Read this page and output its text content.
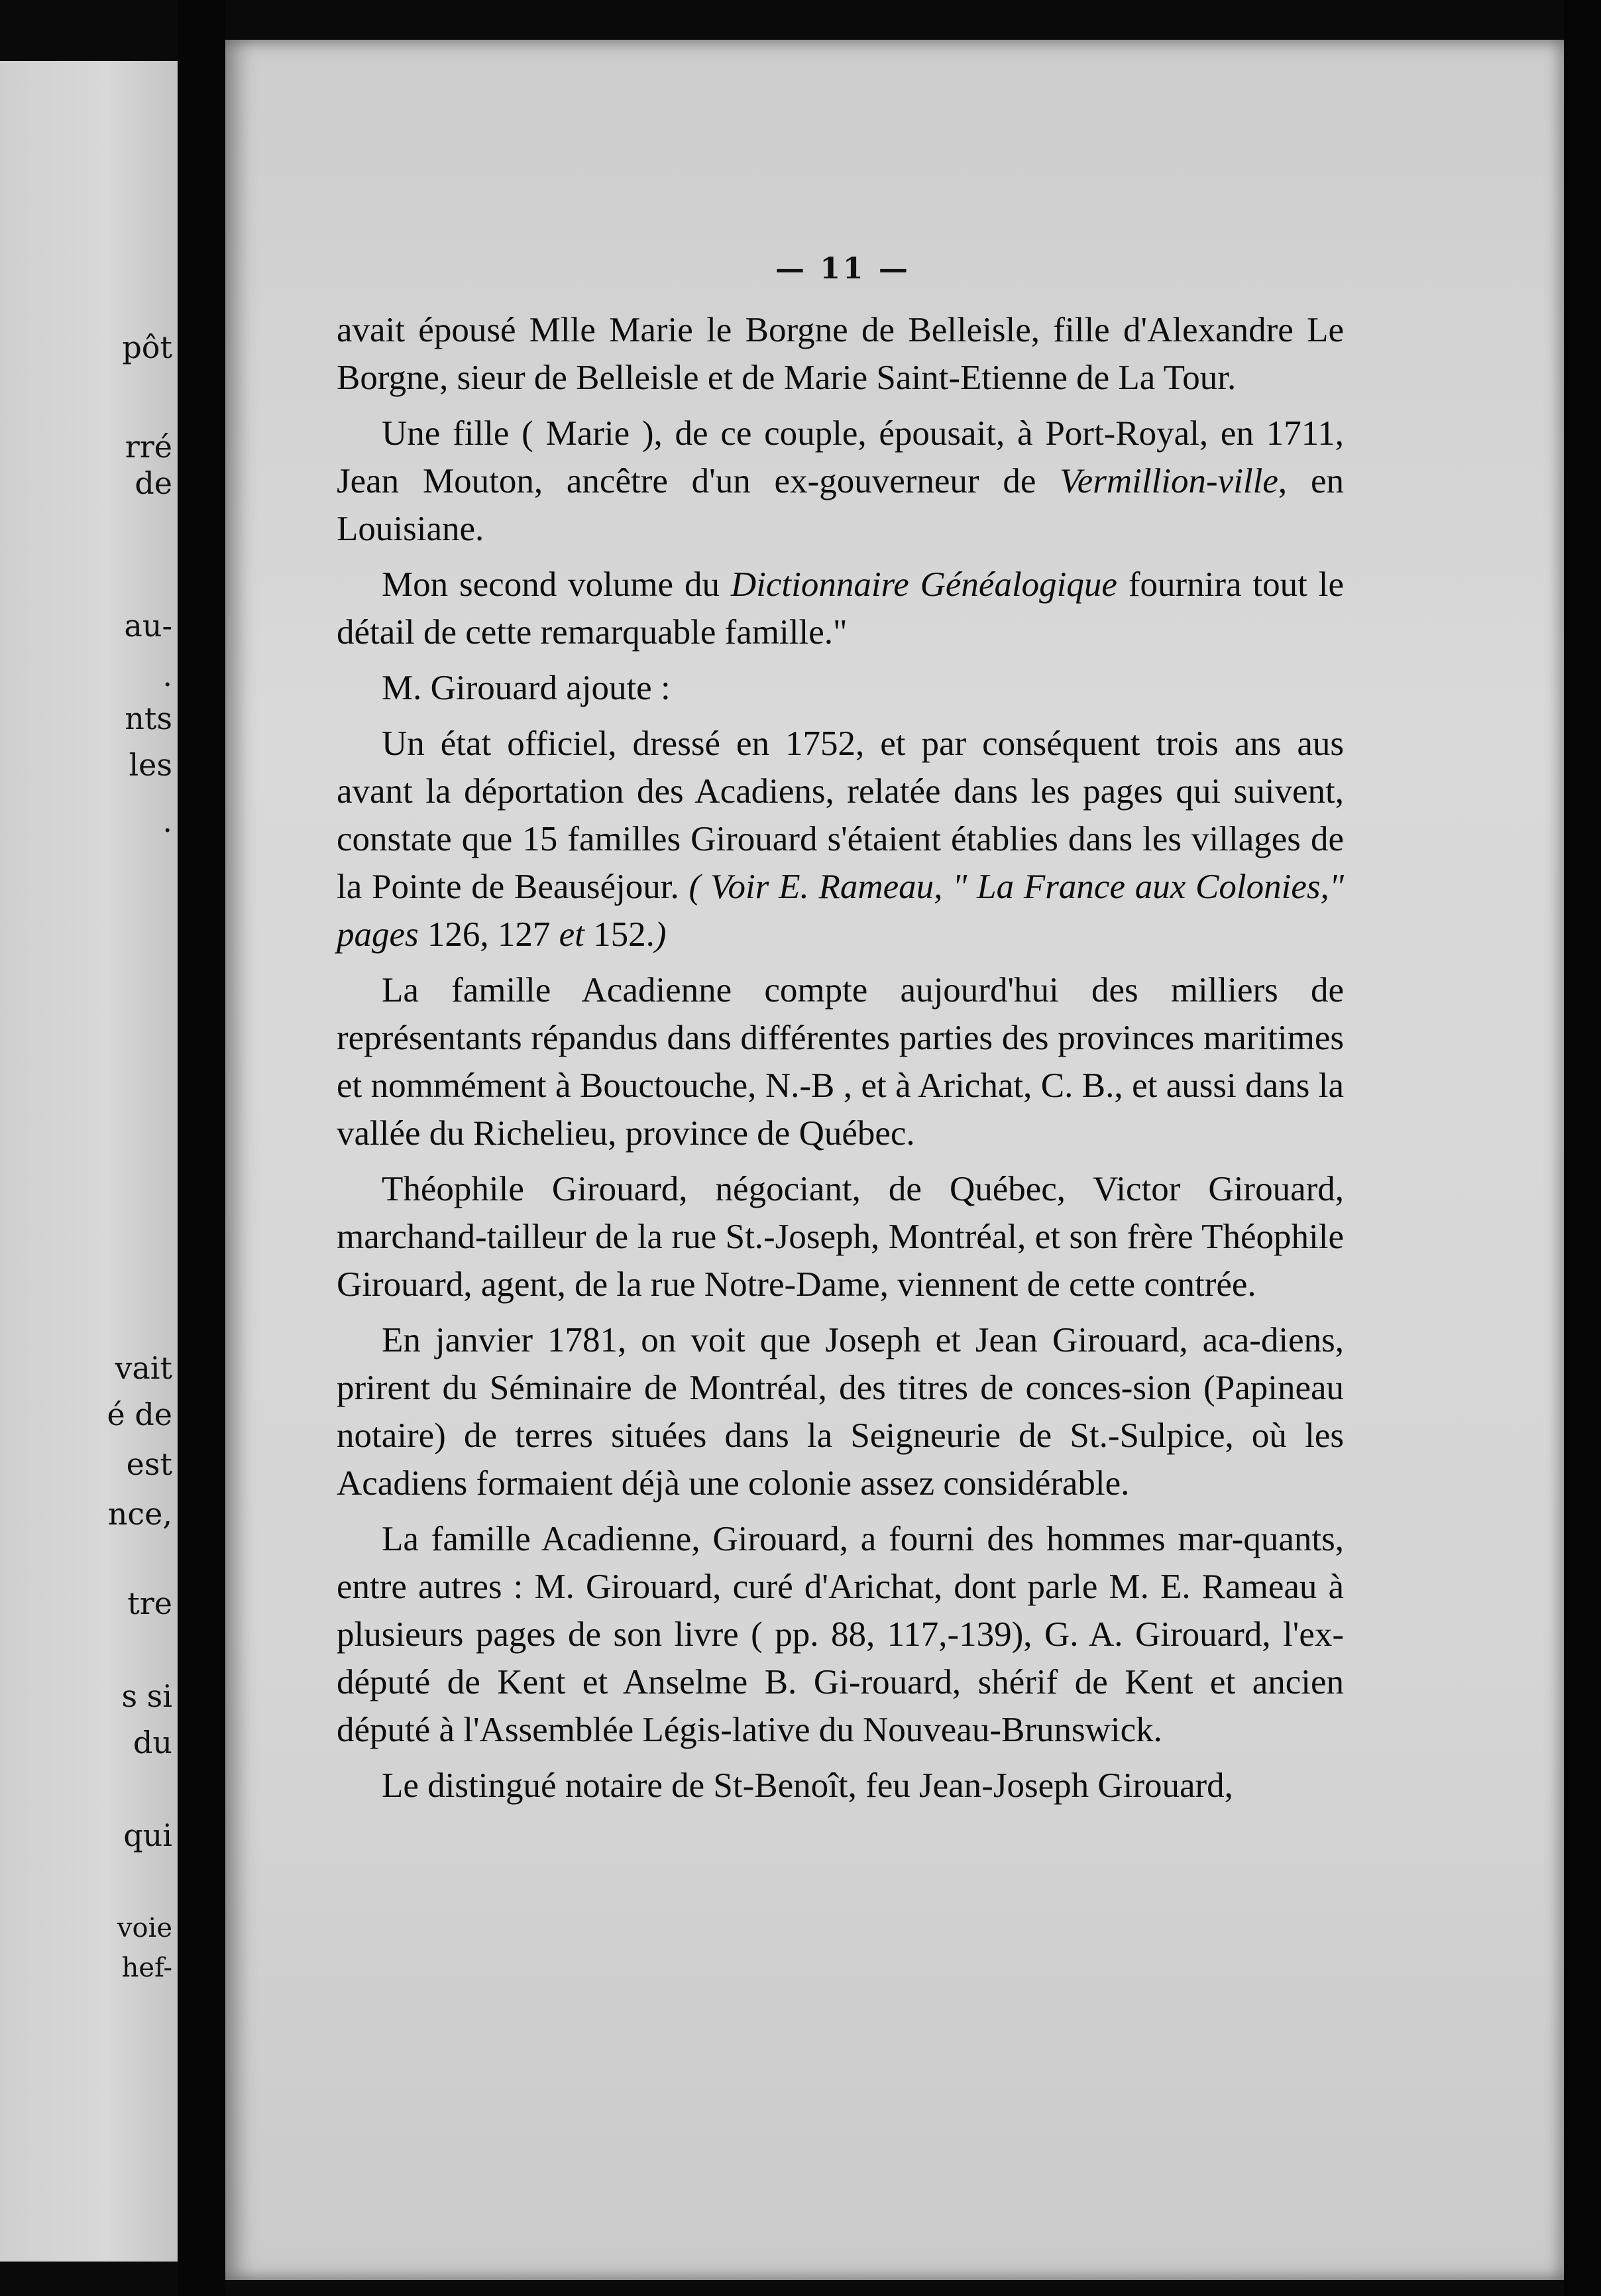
pôt
rré
de
au-
.
nts
les
.
vait
é de
est
nce,
tre
s si
du
qui
voie
hef-
— 11 —

avait épousé Mlle Marie le Borgne de Belleisle, fille d'Alexandre Le Borgne, sieur de Belleisle et de Marie Saint-Etienne de La Tour.

Une fille ( Marie ), de ce couple, épousait, à Port-Royal, en 1711, Jean Mouton, ancêtre d'un ex-gouverneur de Vermillion-ville, en Louisiane.

Mon second volume du Dictionnaire Généalogique fournira tout le détail de cette remarquable famille."

M. Girouard ajoute :

Un état officiel, dressé en 1752, et par conséquent trois ans aus avant la déportation des Acadiens, relatée dans les pages qui suivent, constate que 15 familles Girouard s'étaient établies dans les villages de la Pointe de Beauséjour. ( Voir E. Rameau, " La France aux Colonies," pages 126, 127 et 152.)

La famille Acadienne compte aujourd'hui des milliers de représentants répandus dans différentes parties des provinces maritimes et nommément à Bouctouche, N.-B , et à Arichat, C. B., et aussi dans la vallée du Richelieu, province de Québec.

Théophile Girouard, négociant, de Québec, Victor Girouard, marchand-tailleur de la rue St.-Joseph, Montréal, et son frère Théophile Girouard, agent, de la rue Notre-Dame, viennent de cette contrée.

En janvier 1781, on voit que Joseph et Jean Girouard, aca-diens, prirent du Séminaire de Montréal, des titres de conces-sion (Papineau notaire) de terres situées dans la Seigneurie de St.-Sulpice, où les Acadiens formaient déjà une colonie assez considérable.

La famille Acadienne, Girouard, a fourni des hommes mar-quants, entre autres : M. Girouard, curé d'Arichat, dont parle M. E. Rameau à plusieurs pages de son livre ( pp. 88, 117,-139), G. A. Girouard, l'ex-député de Kent et Anselme B. Gi-rouard, shérif de Kent et ancien député à l'Assemblée Légis-lative du Nouveau-Brunswick.

Le distingué notaire de St-Benoît, feu Jean-Joseph Girouard,
